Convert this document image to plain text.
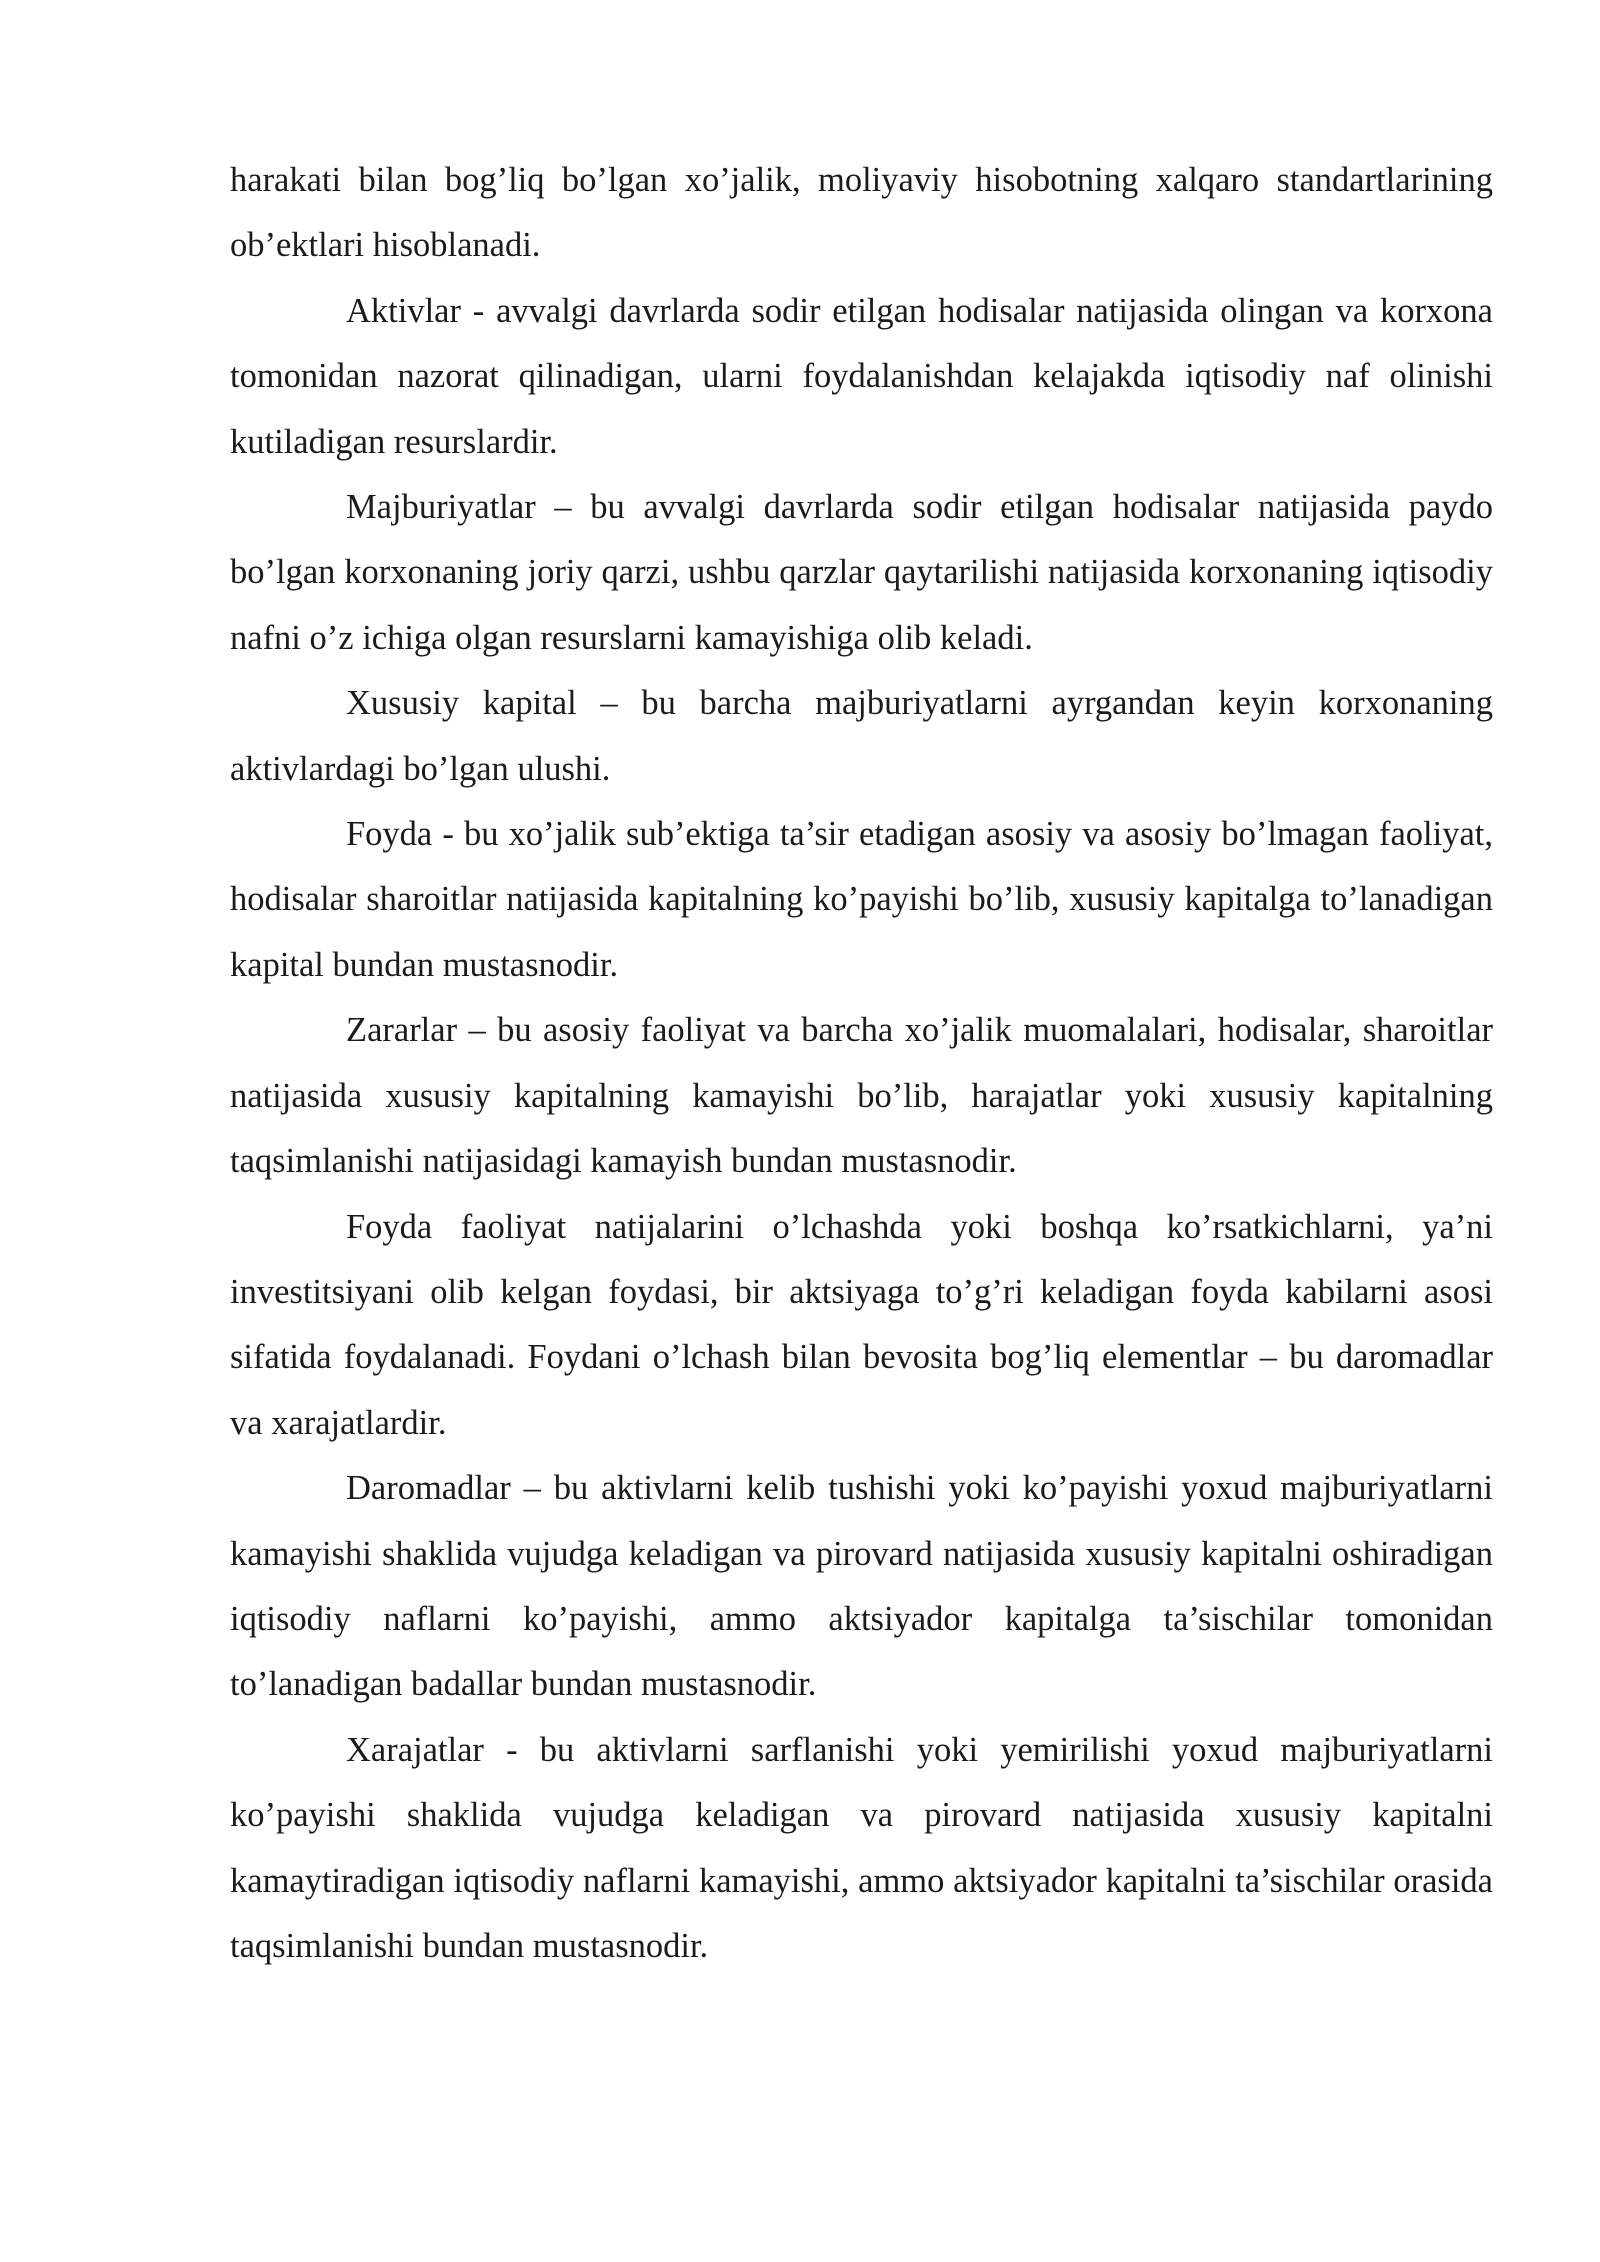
harakati bilan bog’liq bo’lgan xo’jalik, moliyaviy hisobotning xalqaro standartlarining ob’ektlari hisoblanadi.

Aktivlar - avvalgi davrlarda sodir etilgan hodisalar natijasida olingan va korxona tomonidan nazorat qilinadigan, ularni foydalanishdan kelajakda iqtisodiy naf olinishi kutiladigan resurslardir.

Majburiyatlar – bu avvalgi davrlarda sodir etilgan hodisalar natijasida paydo bo’lgan korxonaning joriy qarzi, ushbu qarzlar qaytarilishi natijasida korxonaning iqtisodiy nafni o’z ichiga olgan resurslarni kamayishiga olib keladi.

Xususiy kapital – bu barcha majburiyatlarni ayrgandan keyin korxonaning aktivlardagi bo’lgan ulushi.

Foyda - bu xo’jalik sub’ektiga ta’sir etadigan asosiy va asosiy bo’lmagan faoliyat, hodisalar sharoitlar natijasida kapitalning ko’payishi bo’lib, xususiy kapitalga to’lanadigan kapital bundan mustasnodir.

Zararlar – bu asosiy faoliyat va barcha xo’jalik muomalalari, hodisalar, sharoitlar natijasida xususiy kapitalning kamayishi bo’lib, harajatlar yoki xususiy kapitalning taqsimlanishi natijasidagi kamayish bundan mustasnodir.

Foyda faoliyat natijalarini o’lchashda yoki boshqa ko’rsatkichlarni, ya’ni investitsiyani olib kelgan foydasi, bir aktsiyaga to’g’ri keladigan foyda kabilarni asosi sifatida foydalanadi. Foydani o’lchash bilan bevosita bog’liq elementlar – bu daromadlar va xarajatlardir.

Daromadlar – bu aktivlarni kelib tushishi yoki ko’payishi yoxud majburiyatlarni kamayishi shaklida vujudga keladigan va pirovard natijasida xususiy kapitalni oshiradigan iqtisodiy naflarni ko’payishi, ammo aktsiyador kapitalga ta’sischilar tomonidan to’lanadigan badallar bundan mustasnodir.

Xarajatlar - bu aktivlarni sarflanishi yoki yemirilishi yoxud majburiyatlarni ko’payishi shaklida vujudga keladigan va pirovard natijasida xususiy kapitalni kamaytiradigan iqtisodiy naflarni kamayishi, ammo aktsiyador kapitalni ta’sischilar orasida taqsimlanishi bundan mustasnodir.
